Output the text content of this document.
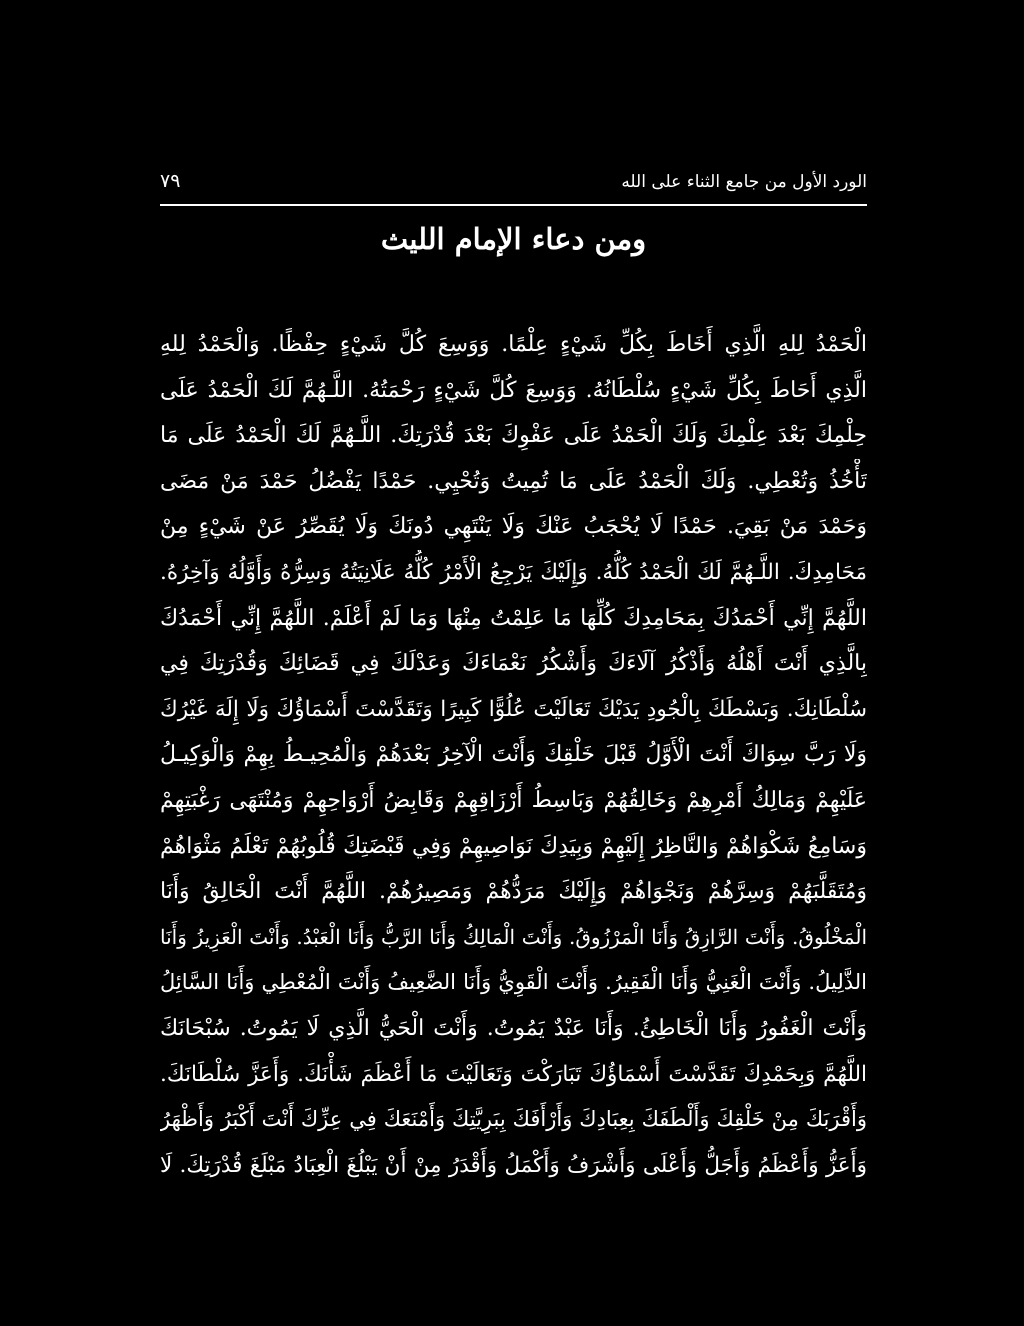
الورد الأول من جامع الثناء على الله
٧٩
ومن دعاء الإمام الليث
الْحَمْدُ لِلهِ الَّذِي أَخَاطَ بِكُلِّ شَيْءٍ عِلْمًا. وَوَسِعَ كُلَّ شَيْءٍ حِفْظًا. وَالْحَمْدُ لِلهِ
الَّذِي أَحَاطَ بِكُلِّ شَيْءٍ سُلْطَانُهُ. وَوَسِعَ كُلَّ شَيْءٍ رَحْمَتُهُ. اللَّـهُمَّ لَكَ الْحَمْدُ عَلَى
حِلْمِكَ بَعْدَ عِلْمِكَ وَلَكَ الْحَمْدُ عَلَى عَفْوِكَ بَعْدَ قُدْرَتِكَ. اللَّـهُمَّ لَكَ الْحَمْدُ عَلَى مَا
تَأْخُذُ وَتُعْطِي. وَلَكَ الْحَمْدُ عَلَى مَا تُمِيتُ وَتُحْيِي. حَمْدًا يَفْضُلُ حَمْدَ مَنْ مَضَى
وَحَمْدَ مَنْ بَقِيَ. حَمْدًا لَا يُحْجَبُ عَنْكَ وَلَا يَنْتَهِي دُونَكَ وَلَا يُقَصِّرُ عَنْ شَيْءٍ مِنْ
مَحَامِدِكَ. اللَّـهُمَّ لَكَ الْحَمْدُ كُلُّهُ. وَإِلَيْكَ يَرْجِعُ الْأَمْرُ كُلُّهُ عَلَانِيَتُهُ وَسِرُّهُ وَأَوَّلُهُ وَآخِرُهُ.
اللَّهُمَّ إِنِّي أَحْمَدُكَ بِمَحَامِدِكَ كُلِّهَا مَا عَلِمْتُ مِنْهَا وَمَا لَمْ أَعْلَمْ. اللَّهُمَّ إِنِّي أَحْمَدُكَ
بِالَّذِي أَنْتَ أَهْلُهُ وَأَذْكُرُ آلَاءَكَ وَأَشْكُرُ نَعْمَاءَكَ وَعَدْلَكَ فِي قَضَائِكَ وَقُدْرَتِكَ فِي
سُلْطَانِكَ. وَبَسْطَكَ بِالْجُودِ يَدَيْكَ تَعَالَيْتَ عُلُوًّا كَبِيرًا وَتَقَدَّسْتَ أَسْمَاؤُكَ وَلَا إِلَهَ غَيْرُكَ
وَلَا رَبَّ سِوَاكَ أَنْتَ الْأَوَّلُ قَبْلَ خَلْقِكَ وَأَنْتَ الْآخِرُ بَعْدَهُمْ وَالْمُحِيـطُ بِهِمْ وَالْوَكِيـلُ
عَلَيْهِمْ وَمَالِكُ أَمْرِهِمْ وَخَالِقُهُمْ وَبَاسِطُ أَرْزَاقِهِمْ وَقَابِضُ أَرْوَاحِهِمْ وَمُنْتَهَى رَغْبَتِهِمْ
وَسَامِعُ شَكْوَاهُمْ وَالنَّاظِرُ إِلَيْهِمْ وَبِيَدِكَ نَوَاصِيهِمْ وَفِي قَبْضَتِكَ قُلُوبُهُمْ تَعْلَمُ مَثْوَاهُمْ
وَمُتَقَلَّبَهُمْ وَسِرَّهُمْ وَنَجْوَاهُمْ وَإِلَيْكَ مَرَدُّهُمْ وَمَصِيرُهُمْ. اللَّهُمَّ أَنْتَ الْخَالِقُ وَأَنَا
الْمَخْلُوقُ. وَأَنْتَ الرَّازِقُ وَأَنَا الْمَرْزُوقُ. وَأَنْتَ الْمَالِكُ وَأَنَا الرَّبُّ وَأَنَا الْعَبْدُ. وَأَنْتَ الْعَزِيزُ وَأَنَا
الذَّلِيلُ. وَأَنْتَ الْغَنِيُّ وَأَنَا الْفَقِيرُ. وَأَنْتَ الْقَوِيُّ وَأَنَا الضَّعِيفُ وَأَنْتَ الْمُعْطِي وَأَنَا السَّائِلُ
وَأَنْتَ الْغَفُورُ وَأَنَا الْخَاطِئُ. وَأَنَا عَبْدٌ يَمُوتُ. وَأَنْتَ الْحَيُّ الَّذِي لَا يَمُوتُ. سُبْحَانَكَ
اللَّهُمَّ وَبِحَمْدِكَ تَقَدَّسْتَ أَسْمَاؤُكَ تَبَارَكْتَ وَتَعَالَيْتَ مَا أَعْظَمَ شَأْنَكَ. وَأَعَزَّ سُلْطَانَكَ.
وَأَقْرَبَكَ مِنْ خَلْقِكَ وَأَلْطَفَكَ بِعِبَادِكَ وَأَرْأَفَكَ بِبَرِيَّتِكَ وَأَمْنَعَكَ فِي عِزِّكَ أَنْتَ أَكْبَرُ وَأَظْهَرُ
وَأَعَزُّ وَأَعْظَمُ وَأَجَلُّ وَأَعْلَى وَأَشْرَفُ وَأَكْمَلُ وَأَقْدَرُ مِنْ أَنْ يَبْلُغَ الْعِبَادُ مَبْلَغَ قُدْرَتِكَ. لَا
